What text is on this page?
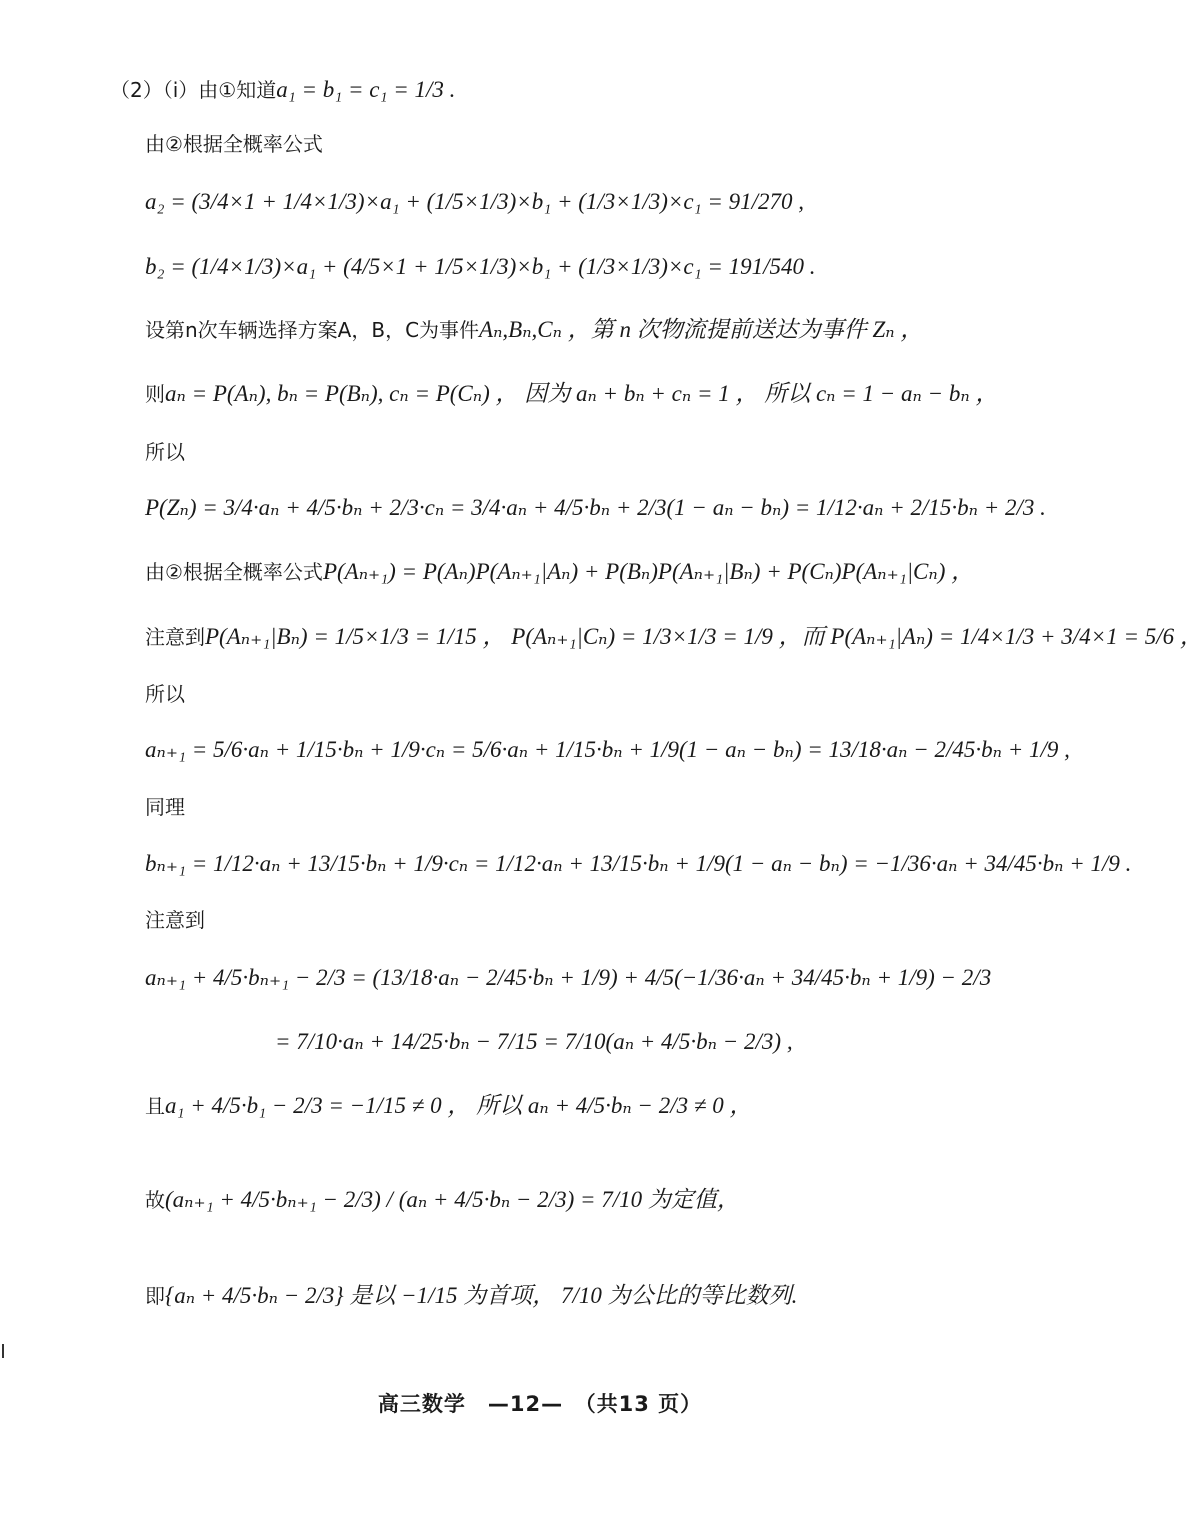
（2）（i）由①知道a₁ = b₁ = c₁ = 1/3 .
由②根据全概率公式
a₂ = (3/4×1 + 1/4×1/3)×a₁ + (1/5×1/3)×b₁ + (1/3×1/3)×c₁ = 91/270 ,
b₂ = (1/4×1/3)×a₁ + (4/5×1 + 1/5×1/3)×b₁ + (1/3×1/3)×c₁ = 191/540 .
设第n次车辆选择方案A，B，C为事件Aₙ,Bₙ,Cₙ ，第 n 次物流提前送达为事件 Zₙ ，
则aₙ = P(Aₙ), bₙ = P(Bₙ), cₙ = P(Cₙ) ， 因为 aₙ + bₙ + cₙ = 1 ， 所以 cₙ = 1 − aₙ − bₙ ，
所以
P(Zₙ) = 3/4·aₙ + 4/5·bₙ + 2/3·cₙ = 3/4·aₙ + 4/5·bₙ + 2/3(1 − aₙ − bₙ) = 1/12·aₙ + 2/15·bₙ + 2/3 .
由②根据全概率公式P(Aₙ₊₁) = P(Aₙ)P(Aₙ₊₁|Aₙ) + P(Bₙ)P(Aₙ₊₁|Bₙ) + P(Cₙ)P(Aₙ₊₁|Cₙ) ，
注意到P(Aₙ₊₁|Bₙ) = 1/5×1/3 = 1/15 ， P(Aₙ₊₁|Cₙ) = 1/3×1/3 = 1/9 ，而 P(Aₙ₊₁|Aₙ) = 1/4×1/3 + 3/4×1 = 5/6 ，
所以
aₙ₊₁ = 5/6·aₙ + 1/15·bₙ + 1/9·cₙ = 5/6·aₙ + 1/15·bₙ + 1/9(1 − aₙ − bₙ) = 13/18·aₙ − 2/45·bₙ + 1/9 ,
同理
bₙ₊₁ = 1/12·aₙ + 13/15·bₙ + 1/9·cₙ = 1/12·aₙ + 13/15·bₙ + 1/9(1 − aₙ − bₙ) = −1/36·aₙ + 34/45·bₙ + 1/9 .
注意到
aₙ₊₁ + 4/5·bₙ₊₁ − 2/3 = (13/18·aₙ − 2/45·bₙ + 1/9) + 4/5(−1/36·aₙ + 34/45·bₙ + 1/9) − 2/3
= 7/10·aₙ + 14/25·bₙ − 7/15 = 7/10(aₙ + 4/5·bₙ − 2/3) ,
且a₁ + 4/5·b₁ − 2/3 = −1/15 ≠ 0 ， 所以 aₙ + 4/5·bₙ − 2/3 ≠ 0 ，
故(aₙ₊₁ + 4/5·bₙ₊₁ − 2/3) / (aₙ + 4/5·bₙ − 2/3) = 7/10 为定值，
即{aₙ + 4/5·bₙ − 2/3} 是以 −1/15 为首项， 7/10 为公比的等比数列.
高三数学　—12—　（共13 页）
